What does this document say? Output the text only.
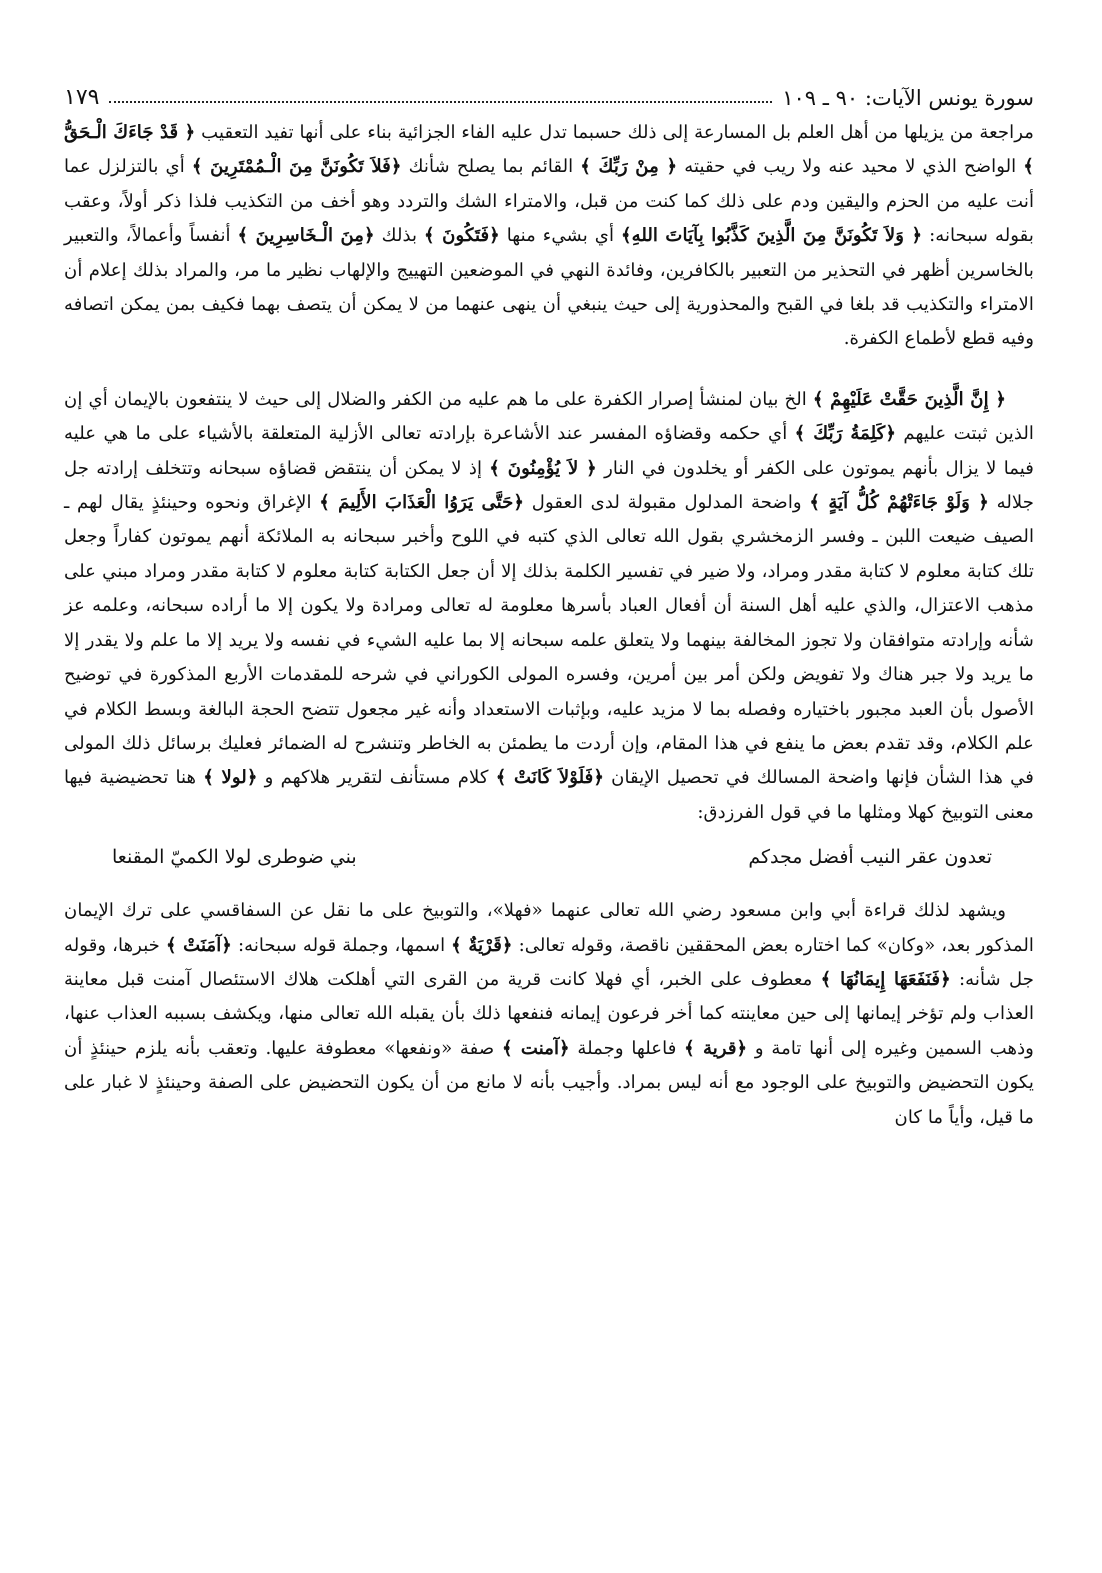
سورة يونس الآيات: ٩٠ ـ ١٠٩
١٧٩

مراجعة من يزيلها من أهل العلم بل المسارعة إلى ذلك حسبما تدل عليه الفاء الجزائية بناء على أنها تفيد التعقيب ﴿ قَدْ جَاءَكَ الْـحَقُّ ﴾ الواضح الذي لا محيد عنه ولا ريب في حقيته ﴿ مِنْ رَبِّكَ ﴾ القائم بما يصلح شأنك ﴿فَلاَ تَكُونَنَّ مِنَ الْـمُمْتَرِينَ ﴾ أي بالتزلزل عما أنت عليه من الحزم واليقين ودم على ذلك كما كنت من قبل، والامتراء الشك والتردد وهو أخف من التكذيب فلذا ذكر أولاً، وعقب بقوله سبحانه: ﴿ وَلاَ تَكُونَنَّ مِنَ الَّذِينَ كَذَّبُوا بِآيَاتَ اللهِ﴾ أي بشيء منها ﴿فَتَكُونَ ﴾ بذلك ﴿مِنَ الْـخَاسِرِينَ ﴾ أنفساً وأعمالاً، والتعبير بالخاسرين أظهر في التحذير من التعبير بالكافرين، وفائدة النهي في الموضعين التهييج والإلهاب نظير ما مر، والمراد بذلك إعلام أن الامتراء والتكذيب قد بلغا في القبح والمحذورية إلى حيث ينبغي أن ينهى عنهما من لا يمكن أن يتصف بهما فكيف بمن يمكن اتصافه وفيه قطع لأطماع الكفرة.

﴿ إِنَّ الَّذِينَ حَقَّتْ عَلَيْهِمْ ﴾ الخ بيان لمنشأ إصرار الكفرة على ما هم عليه من الكفر والضلال إلى حيث لا ينتفعون بالإيمان أي إن الذين ثبتت عليهم ﴿كَلِمَةُ رَبِّكَ ﴾ أي حكمه وقضاؤه المفسر عند الأشاعرة بإرادته تعالى الأزلية المتعلقة بالأشياء على ما هي عليه فيما لا يزال بأنهم يموتون على الكفر أو يخلدون في النار ﴿ لاَ يُؤْمِنُونَ ﴾ إذ لا يمكن أن ينتقض قضاؤه سبحانه وتتخلف إرادته جل جلاله ﴿ وَلَوْ جَاءَتْهُمْ كُلُّ آيَةٍ ﴾ واضحة المدلول مقبولة لدى العقول ﴿حَتَّى يَرَوُا الْعَذَابَ الأَلِيمَ ﴾ الإغراق ونحوه وحينئذٍ يقال لهم ـ الصيف ضيعت اللبن ـ وفسر الزمخشري بقول الله تعالى الذي كتبه في اللوح وأخبر سبحانه به الملائكة أنهم يموتون كفاراً وجعل تلك كتابة معلوم لا كتابة مقدر ومراد، ولا ضير في تفسير الكلمة بذلك إلا أن جعل الكتابة كتابة معلوم لا كتابة مقدر ومراد مبني على مذهب الاعتزال، والذي عليه أهل السنة أن أفعال العباد بأسرها معلومة له تعالى ومرادة ولا يكون إلا ما أراده سبحانه، وعلمه عز شأنه وإرادته متوافقان ولا تجوز المخالفة بينهما ولا يتعلق علمه سبحانه إلا بما عليه الشيء في نفسه ولا يريد إلا ما علم ولا يقدر إلا ما يريد ولا جبر هناك ولا تفويض ولكن أمر بين أمرين، وفسره المولى الكوراني في شرحه للمقدمات الأربع المذكورة في توضيح الأصول بأن العبد مجبور باختياره وفصله بما لا مزيد عليه، وبإثبات الاستعداد وأنه غير مجعول تتضح الحجة البالغة وبسط الكلام في علم الكلام، وقد تقدم بعض ما ينفع في هذا المقام، وإن أردت ما يطمئن به الخاطر وتنشرح له الضمائر فعليك برسائل ذلك المولى في هذا الشأن فإنها واضحة المسالك في تحصيل الإيقان ﴿فَلَوْلاَ كَانَتْ ﴾ كلام مستأنف لتقرير هلاكهم و ﴿لولا ﴾ هنا تحضيضية فيها معنى التوبيخ كهلا ومثلها ما في قول الفرزدق:

تعدون عقر النيب أفضل مجدكم
بني ضوطرى لولا الكميّ المقنعا

ويشهد لذلك قراءة أبي وابن مسعود رضي الله تعالى عنهما «فهلا»، والتوبيخ على ما نقل عن السفاقسي على ترك الإيمان المذكور بعد، «وكان» كما اختاره بعض المحققين ناقصة، وقوله تعالى: ﴿قَرْيَةٌ ﴾ اسمها، وجملة قوله سبحانه: ﴿آمَنَتْ ﴾ خبرها، وقوله جل شأنه: ﴿فَنَفَعَهَا إِيمَانُهَا ﴾ معطوف على الخبر، أي فهلا كانت قرية من القرى التي أهلكت هلاك الاستئصال آمنت قبل معاينة العذاب ولم تؤخر إيمانها إلى حين معاينته كما أخر فرعون إيمانه فنفعها ذلك بأن يقبله الله تعالى منها، ويكشف بسببه العذاب عنها، وذهب السمين وغيره إلى أنها تامة و ﴿قرية ﴾ فاعلها وجملة ﴿آمنت ﴾ صفة «ونفعها» معطوفة عليها. وتعقب بأنه يلزم حينئذٍ أن يكون التحضيض والتوبيخ على الوجود مع أنه ليس بمراد. وأجيب بأنه لا مانع من أن يكون التحضيض على الصفة وحينئذٍ لا غبار على ما قيل، وأياً ما كان
